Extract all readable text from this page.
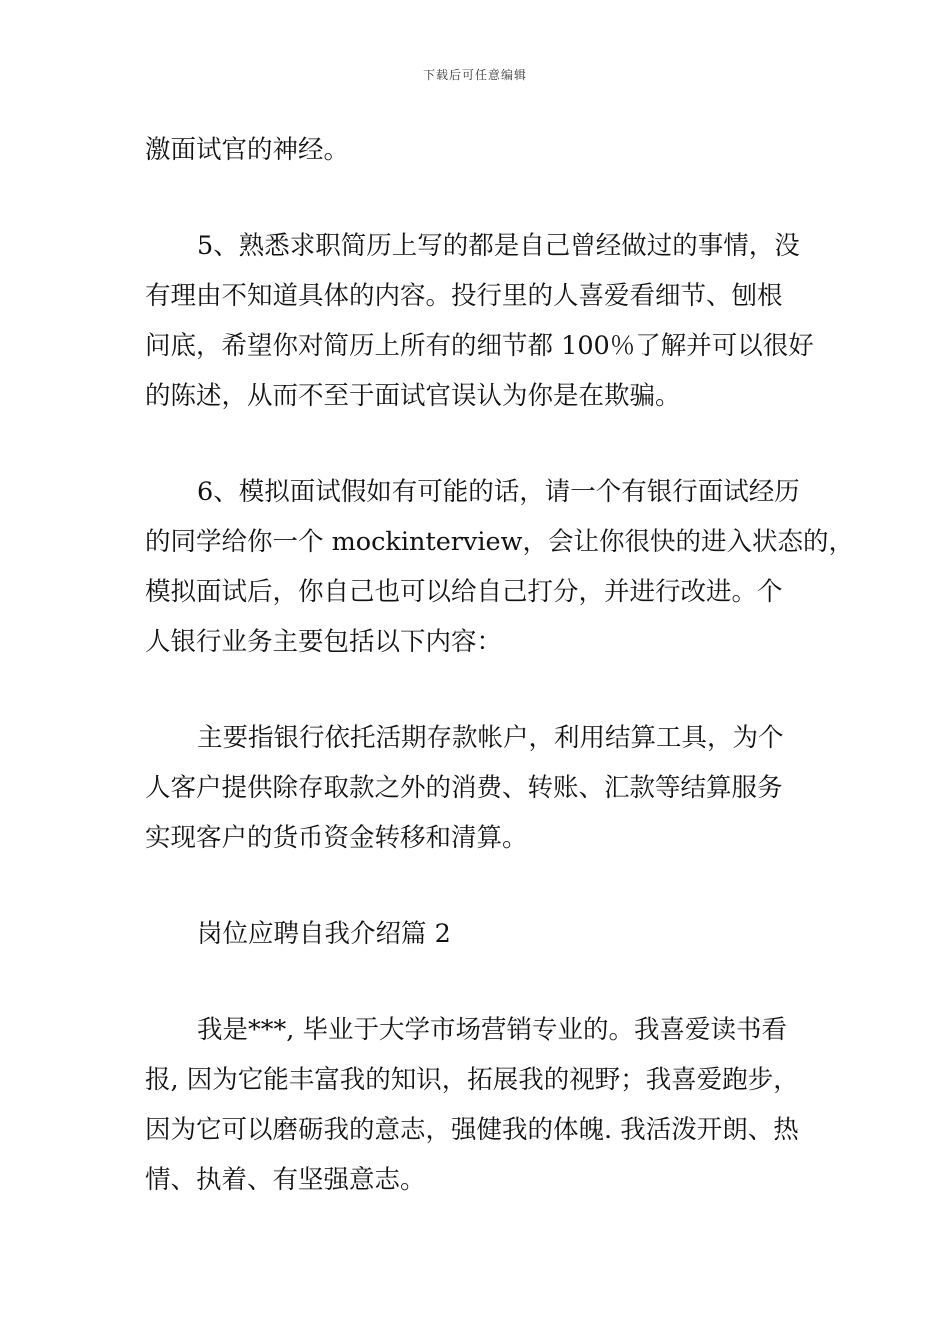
下载后可任意编辑
激面试官的神经。
5、熟悉求职简历上写的都是自己曾经做过的事情，没
有理由不知道具体的内容。投行里的人喜爱看细节、刨根
问底，希望你对简历上所有的细节都 100％了解并可以很好
的陈述，从而不至于面试官误认为你是在欺骗。
6、模拟面试假如有可能的话，请一个有银行面试经历
的同学给你一个 mockinterview，会让你很快的进入状态的，
模拟面试后，你自己也可以给自己打分，并进行改进。个
人银行业务主要包括以下内容：
主要指银行依托活期存款帐户，利用结算工具，为个
人客户提供除存取款之外的消费、转账、汇款等结算服务
实现客户的货币资金转移和清算。
岗位应聘自我介绍篇 2
我是***, 毕业于大学市场营销专业的。我喜爱读书看
报, 因为它能丰富我的知识，拓展我的视野；我喜爱跑步，
因为它可以磨砺我的意志，强健我的体魄. 我活泼开朗、热
情、执着、有坚强意志。
